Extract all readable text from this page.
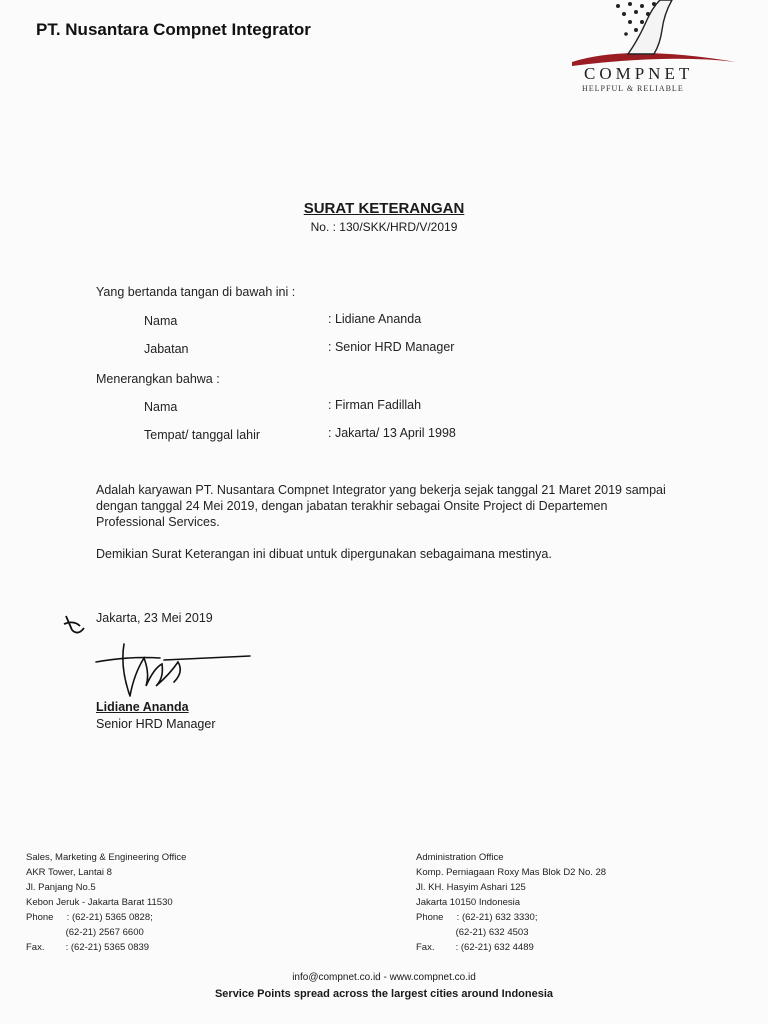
PT. Nusantara Compnet Integrator
COMPNET
HELPFUL & RELIABLE
SURAT KETERANGAN
No. : 130/SKK/HRD/V/2019
Yang bertanda tangan di bawah ini :
Nama	: Lidiane Ananda
Jabatan	: Senior HRD Manager
Menerangkan bahwa :
Nama	: Firman Fadillah
Tempat/ tanggal lahir	: Jakarta/ 13 April 1998
Adalah karyawan PT. Nusantara Compnet Integrator yang bekerja sejak tanggal 21 Maret 2019 sampai dengan tanggal 24 Mei 2019, dengan jabatan terakhir sebagai Onsite Project di Departemen Professional Services.
Demikian Surat Keterangan ini dibuat untuk dipergunakan sebagaimana mestinya.
Jakarta, 23 Mei 2019
Lidiane Ananda
Senior HRD Manager
Sales, Marketing & Engineering Office
AKR Tower, Lantai 8
Jl. Panjang No.5
Kebon Jeruk - Jakarta Barat 11530
Phone     : (62-21) 5365 0828;
(62-21) 2567 6600
Fax.        : (62-21) 5365 0839
Administration Office
Komp. Perniagaan Roxy Mas Blok D2 No. 28
Jl. KH. Hasyim Ashari 125
Jakarta 10150 Indonesia
Phone     : (62-21) 632 3330;
(62-21) 632 4503
Fax.        : (62-21) 632 4489
info@compnet.co.id - www.compnet.co.id
Service Points spread across the largest cities around Indonesia
